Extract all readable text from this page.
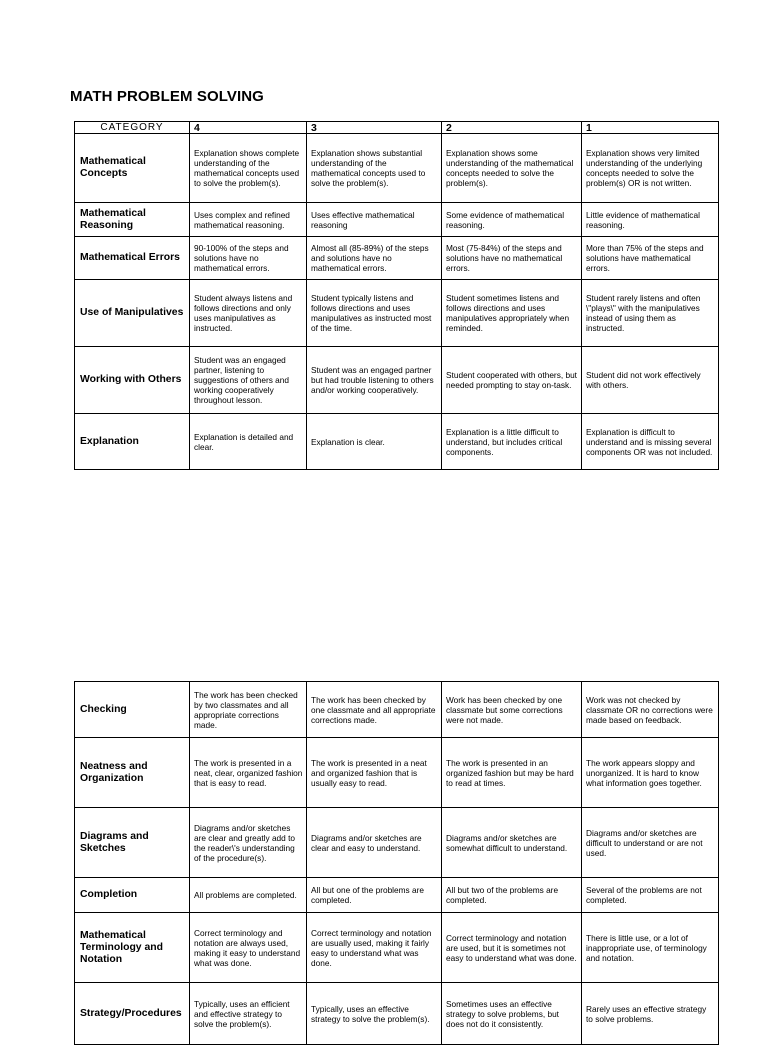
MATH PROBLEM SOLVING
CATEGORY	4	3	2	1
Mathematical Concepts	Explanation shows complete understanding of the mathematical concepts used to solve the problem(s).	Explanation shows substantial understanding of the mathematical concepts used to solve the problem(s).	Explanation shows some understanding of the mathematical concepts needed to solve the problem(s).	Explanation shows very limited understanding of the underlying concepts needed to solve the problem(s) OR is not written.
Mathematical Reasoning	Uses complex and refined mathematical reasoning.	Uses effective mathematical reasoning	Some evidence of mathematical reasoning.	Little evidence of mathematical reasoning.
Mathematical Errors	90-100% of the steps and solutions have no mathematical errors.	Almost all (85-89%) of the steps and solutions have no mathematical errors.	Most (75-84%) of the steps and solutions have no mathematical errors.	More than 75% of the steps and solutions have mathematical errors.
Use of Manipulatives	Student always listens and follows directions and only uses manipulatives as instructed.	Student typically listens and follows directions and uses manipulatives as instructed most of the time.	Student sometimes listens and follows directions and uses manipulatives appropriately when reminded.	Student rarely listens and often \"plays\" with the manipulatives instead of using them as instructed.
Working with Others	Student was an engaged partner, listening to suggestions of others and working cooperatively throughout lesson.	Student was an engaged partner but had trouble listening to others and/or working cooperatively.	Student cooperated with others, but needed prompting to stay on-task.	Student did not work effectively with others.
Explanation	Explanation is detailed and clear.	Explanation is clear.	Explanation is a little difficult to understand, but includes critical components.	Explanation is difficult to understand and is missing several components OR was not included.
Checking	The work has been checked by two classmates and all appropriate corrections made.	The work has been checked by one classmate and all appropriate corrections made.	Work has been checked by one classmate but some corrections were not made.	Work was not checked by classmate OR no corrections were made based on feedback.
Neatness and Organization	The work is presented in a neat, clear, organized fashion that is easy to read.	The work is presented in a neat and organized fashion that is usually easy to read.	The work is presented in an organized fashion but may be hard to read at times.	The work appears sloppy and unorganized. It is hard to know what information goes together.
Diagrams and Sketches	Diagrams and/or sketches are clear and greatly add to the reader\'s understanding of the procedure(s).	Diagrams and/or sketches are clear and easy to understand.	Diagrams and/or sketches are somewhat difficult to understand.	Diagrams and/or sketches are difficult to understand or are not used.
Completion	All problems are completed.	All but one of the problems are completed.	All but two of the problems are completed.	Several of the problems are not completed.
Mathematical Terminology and Notation	Correct terminology and notation are always used, making it easy to understand what was done.	Correct terminology and notation are usually used, making it fairly easy to understand what was done.	Correct terminology and notation are used, but it is sometimes not easy to understand what was done.	There is little use, or a lot of inappropriate use, of terminology and notation.
Strategy/Procedures	Typically, uses an efficient and effective strategy to solve the problem(s).	Typically, uses an effective strategy to solve the problem(s).	Sometimes uses an effective strategy to solve problems, but does not do it consistently.	Rarely uses an effective strategy to solve problems.
